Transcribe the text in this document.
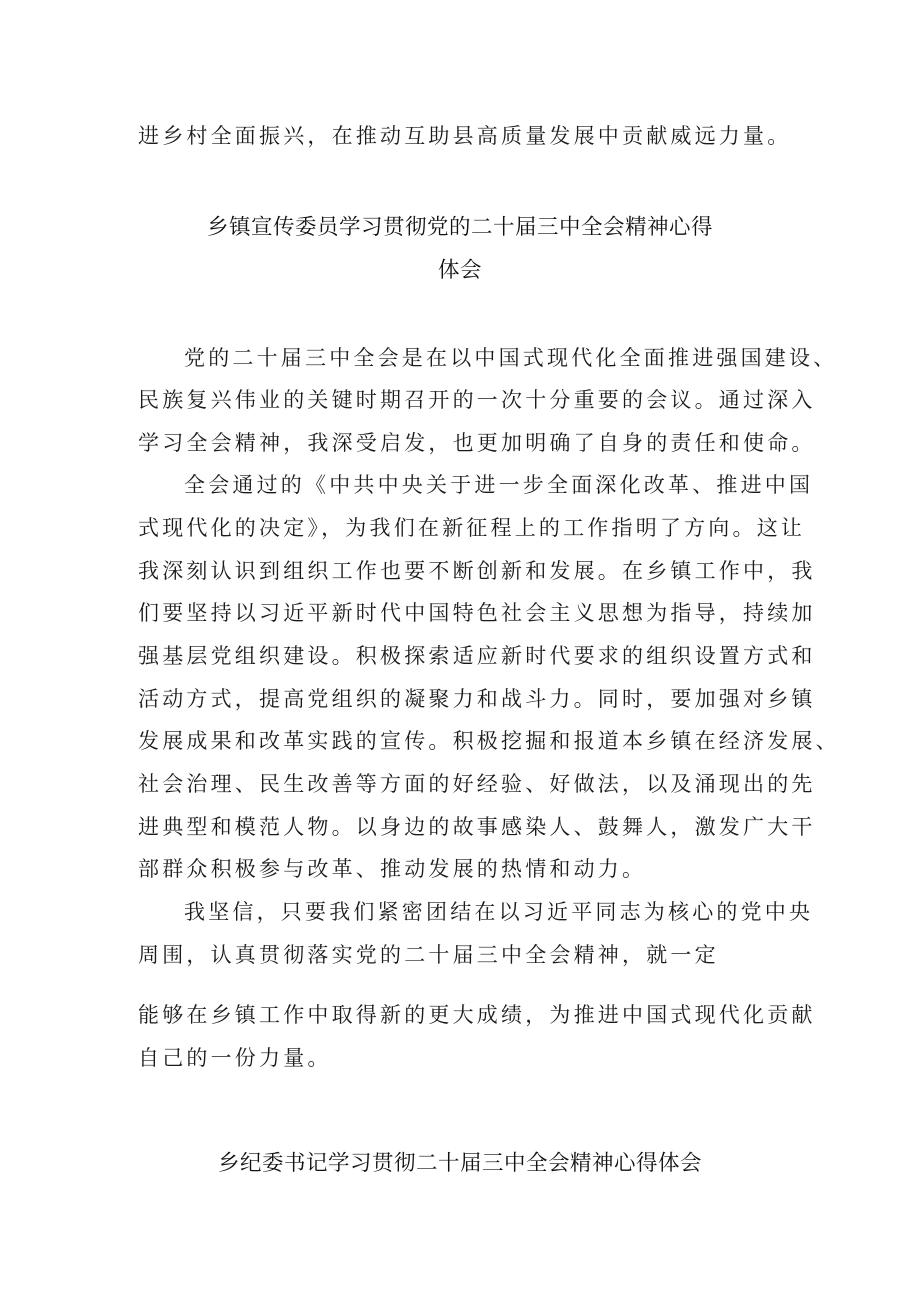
进乡村全面振兴，在推动互助县高质量发展中贡献威远力量。
乡镇宣传委员学习贯彻党的二十届三中全会精神心得
体会
党的二十届三中全会是在以中国式现代化全面推进强国建设、
民族复兴伟业的关键时期召开的一次十分重要的会议。通过深入
学习全会精神，我深受启发，也更加明确了自身的责任和使命。
全会通过的《中共中央关于进一步全面深化改革、推进中国
式现代化的决定》，为我们在新征程上的工作指明了方向。这让
我深刻认识到组织工作也要不断创新和发展。在乡镇工作中，我
们要坚持以习近平新时代中国特色社会主义思想为指导，持续加
强基层党组织建设。积极探索适应新时代要求的组织设置方式和
活动方式，提高党组织的凝聚力和战斗力。同时，要加强对乡镇
发展成果和改革实践的宣传。积极挖掘和报道本乡镇在经济发展、
社会治理、民生改善等方面的好经验、好做法，以及涌现出的先
进典型和模范人物。以身边的故事感染人、鼓舞人，激发广大干
部群众积极参与改革、推动发展的热情和动力。
我坚信，只要我们紧密团结在以习近平同志为核心的党中央
周围，认真贯彻落实党的二十届三中全会精神，就一定
能够在乡镇工作中取得新的更大成绩，为推进中国式现代化贡献
自己的一份力量。
乡纪委书记学习贯彻二十届三中全会精神心得体会
